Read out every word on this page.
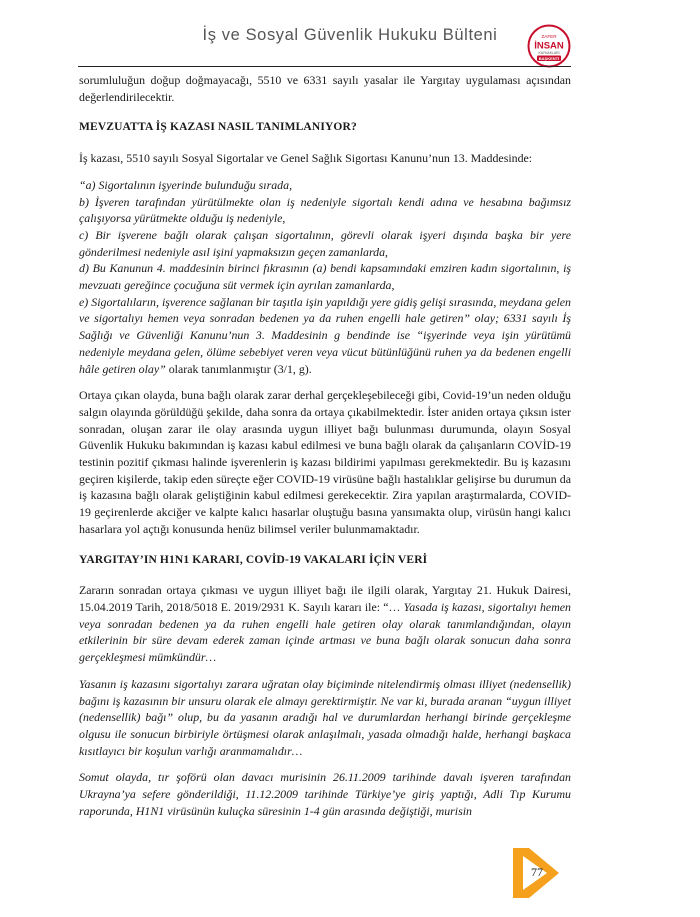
İş ve Sosyal Güvenlik Hukuku Bülteni	ZAFER
İNSAN
KAYNAKLARI
BAŞKENTİ

sorumluluğun doğup doğmayacağı, 5510 ve 6331 sayılı yasalar ile Yargıtay uygulaması açısından değerlendirilecektir.

MEVZUATTA İŞ KAZASI NASIL TANIMLANIYOR?

İş kazası, 5510 sayılı Sosyal Sigortalar ve Genel Sağlık Sigortası Kanunu’nun 13. Maddesinde:

“a) Sigortalının işyerinde bulunduğu sırada,
b) İşveren tarafından yürütülmekte olan iş nedeniyle sigortalı kendi adına ve hesabına bağımsız çalışıyorsa yürütmekte olduğu iş nedeniyle,
c) Bir işverene bağlı olarak çalışan sigortalının, görevli olarak işyeri dışında başka bir yere gönderilmesi nedeniyle asıl işini yapmaksızın geçen zamanlarda,
d) Bu Kanunun 4. maddesinin birinci fıkrasının (a) bendi kapsamındaki emziren kadın sigortalının, iş mevzuatı gereğince çocuğuna süt vermek için ayrılan zamanlarda,
e) Sigortalıların, işverence sağlanan bir taşıtla işin yapıldığı yere gidiş gelişi sırasında, meydana gelen ve sigortalıyı hemen veya sonradan bedenen ya da ruhen engelli hale getiren” olay; 6331 sayılı İş Sağlığı ve Güvenliği Kanunu’nun 3. Maddesinin g bendinde ise “işyerinde veya işin yürütümü nedeniyle meydana gelen, ölüme sebebiyet veren veya vücut bütünlüğünü ruhen ya da bedenen engelli hâle getiren olay” olarak tanımlanmıştır (3/1, g).

Ortaya çıkan olayda, buna bağlı olarak zarar derhal gerçekleşebileceği gibi, Covid-19’un neden olduğu salgın olayında görüldüğü şekilde, daha sonra da ortaya çıkabilmektedir. İster aniden ortaya çıksın ister sonradan, oluşan zarar ile olay arasında uygun illiyet bağı bulunması durumunda, olayın Sosyal Güvenlik Hukuku bakımından iş kazası kabul edilmesi ve buna bağlı olarak da çalışanların COVİD-19 testinin pozitif çıkması halinde işverenlerin iş kazası bildirimi yapılması gerekmektedir. Bu iş kazasını geçiren kişilerde, takip eden süreçte eğer COVID-19 virüsüne bağlı hastalıklar gelişirse bu durumun da iş kazasına bağlı olarak geliştiğinin kabul edilmesi gerekecektir. Zira yapılan araştırmalarda, COVID-19 geçirenlerde akciğer ve kalpte kalıcı hasarlar oluştuğu basına yansımakta olup, virüsün hangi kalıcı hasarlara yol açtığı konusunda henüz bilimsel veriler bulunmamaktadır.

YARGITAY’IN H1N1 KARARI, COVİD-19 VAKALARI İÇİN VERİ

Zararın sonradan ortaya çıkması ve uygun illiyet bağı ile ilgili olarak, Yargıtay 21. Hukuk Dairesi, 15.04.2019 Tarih, 2018/5018 E. 2019/2931 K. Sayılı kararı ile: “… Yasada iş kazası, sigortalıyı hemen veya sonradan bedenen ya da ruhen engelli hale getiren olay olarak tanımlandığından, olayın etkilerinin bir süre devam ederek zaman içinde artması ve buna bağlı olarak sonucun daha sonra gerçekleşmesi mümkündür…

Yasanın iş kazasını sigortalıyı zarara uğratan olay biçiminde nitelendirmiş olması illiyet (nedensellik) bağını iş kazasının bir unsuru olarak ele almayı gerektirmiştir. Ne var ki, burada aranan “uygun illiyet (nedensellik) bağı” olup, bu da yasanın aradığı hal ve durumlardan herhangi birinde gerçekleşme olgusu ile sonucun birbiriyle örtüşmesi olarak anlaşılmalı, yasada olmadığı halde, herhangi başkaca kısıtlayıcı bir koşulun varlığı aranmamalıdır…

Somut olayda, tır şoförü olan davacı murisinin 26.11.2009 tarihinde davalı işveren tarafından Ukrayna’ya sefere gönderildiği, 11.12.2009 tarihinde Türkiye’ye giriş yaptığı, Adli Tıp Kurumu raporunda, H1N1 virüsünün kuluçka süresinin 1-4 gün arasında değiştiği, murisin

77
